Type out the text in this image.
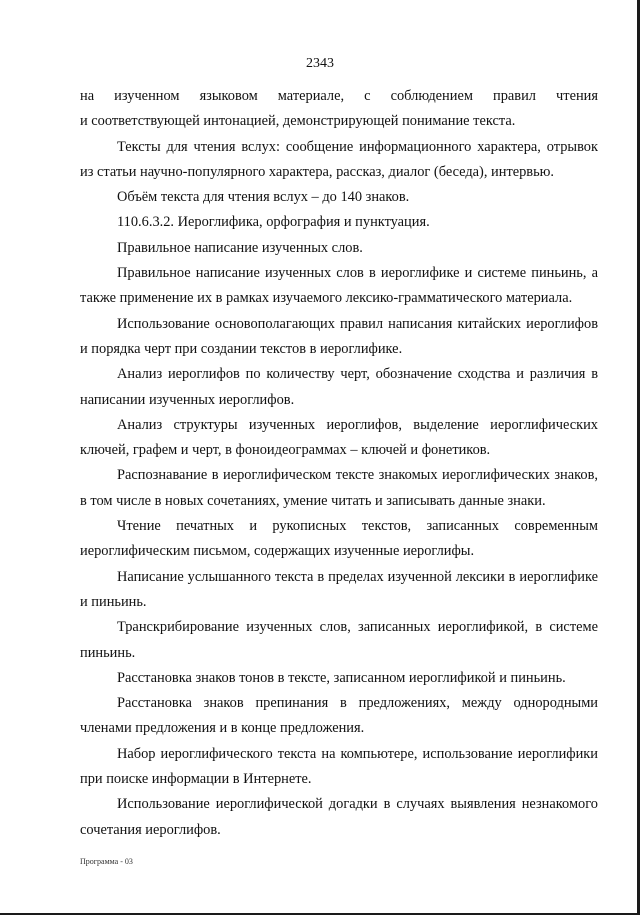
2343

на изученном языковом материале, с соблюдением правил чтения

и соответствующей интонацией, демонстрирующей понимание текста.

Тексты для чтения вслух: сообщение информационного характера, отрывок из статьи научно-популярного характера, рассказ, диалог (беседа), интервью.

Объём текста для чтения вслух – до 140 знаков.

110.6.3.2. Иероглифика, орфография и пунктуация.

Правильное написание изученных слов.

Правильное написание изученных слов в иероглифике и системе пиньинь, а также применение их в рамках изучаемого лексико-грамматического материала.

Использование основополагающих правил написания китайских иероглифов и порядка черт при создании текстов в иероглифике.

Анализ иероглифов по количеству черт, обозначение сходства и различия в написании изученных иероглифов.

Анализ структуры изученных иероглифов, выделение иероглифических ключей, графем и черт, в фоноидеограммах – ключей и фонетиков.

Распознавание в иероглифическом тексте знакомых иероглифических знаков, в том числе в новых сочетаниях, умение читать и записывать данные знаки.

Чтение печатных и рукописных текстов, записанных современным иероглифическим письмом, содержащих изученные иероглифы.

Написание услышанного текста в пределах изученной лексики в иероглифике и пиньинь.

Транскрибирование изученных слов, записанных иероглификой, в системе пиньинь.

Расстановка знаков тонов в тексте, записанном иероглификой и пиньинь.

Расстановка знаков препинания в предложениях, между однородными членами предложения и в конце предложения.

Набор иероглифического текста на компьютере, использование иероглифики при поиске информации в Интернете.

Использование иероглифической догадки в случаях выявления незнакомого сочетания иероглифов.

Программа - 03
